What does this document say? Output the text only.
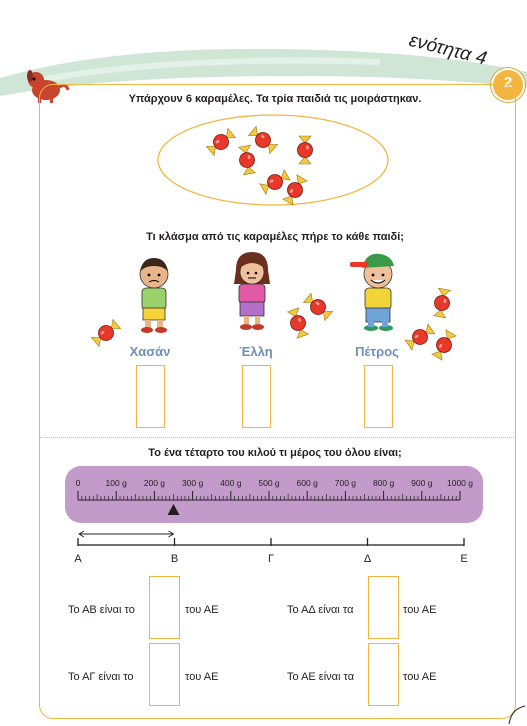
ενότητα 4
2
Υπάρχουν 6 καραμέλες. Τα τρία παιδιά τις μοιράστηκαν.
Τι κλάσμα από τις καραμέλες πήρε το κάθε παιδί;
Χασάν	Έλλη	Πέτρος
Το ένα τέταρτο του κιλού τι μέρος του όλου είναι;
0	100 g 200 g 300 g 400 g 500 g 600 g 700 g 800 g 900 g 1000 g
Α	Β	Γ	Δ	Ε
Το ΑΒ είναι το	του ΑΕ	Το ΑΔ είναι τα	του ΑΕ
Το ΑΓ είναι το	του ΑΕ	Το ΑΕ είναι τα	του ΑΕ
